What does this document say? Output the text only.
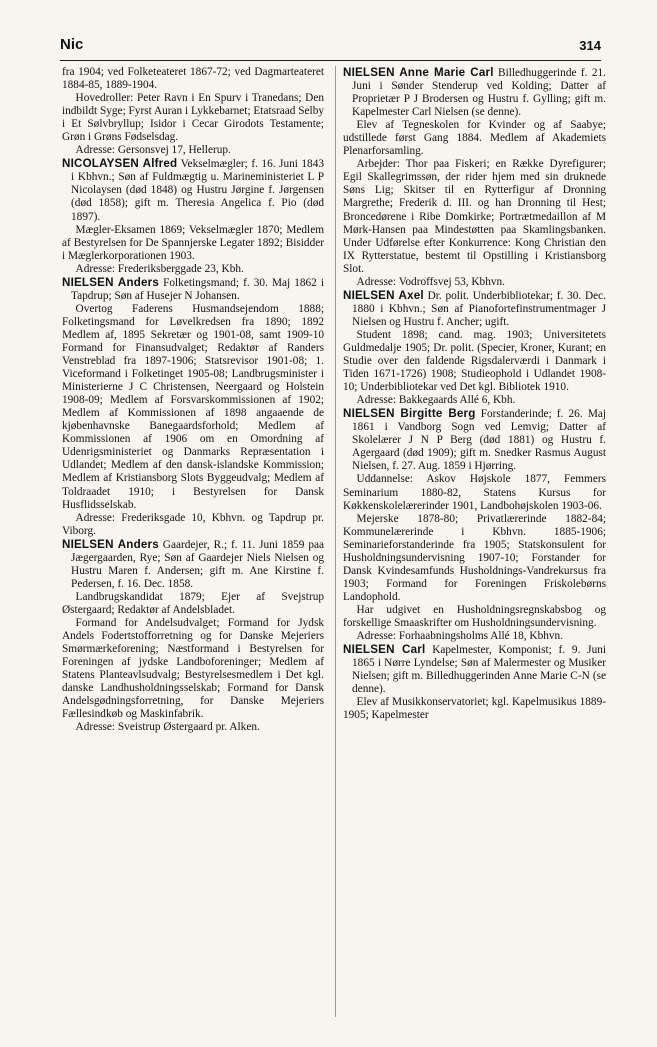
Nic	314

fra 1904; ved Folketeateret 1867-72; ved Dagmarteateret 1884-85, 1889-1904.

Hovedroller: Peter Ravn i En Spurv i Tranedans; Den indbildt Syge; Fyrst Auran i Lykkebarnet; Etatsraad Selby i Et Sølvbryllup; Isidor i Cecar Girodots Testamente; Grøn i Grøns Fødselsdag.

Adresse: Gersonsvej 17, Hellerup.

NICOLAYSEN Alfred Vekselmægler; f. 16. Juni 1843 i Kbhvn.; Søn af Fuldmægtig u. Marineministeriet L P Nicolaysen (død 1848) og Hustru Jørgine f. Jørgensen (død 1858); gift m. Theresia Angelica f. Pio (død 1897).

Mægler-Eksamen 1869; Vekselmægler 1870; Medlem af Bestyrelsen for De Spannjerske Legater 1892; Bisidder i Mæglerkorporationen 1903.

Adresse: Frederiksberggade 23, Kbh.

NIELSEN Anders Folketingsmand; f. 30. Maj 1862 i Tapdrup; Søn af Husejer N Johansen.

Overtog Faderens Husmandsejendom 1888; Folketingsmand for Løvelkredsen fra 1890; 1892 Medlem af, 1895 Sekretær og 1901-08, samt 1909-10 Formand for Finansudvalget; Redaktør af Randers Venstreblad fra 1897-1906; Statsrevisor 1901-08; 1. Viceformand i Folketinget 1905-08; Landbrugsminister i Ministerierne J C Christensen, Neergaard og Holstein 1908-09; Medlem af Forsvarskommissionen af 1902; Medlem af Kommissionen af 1898 angaaende de kjøbenhavnske Banegaardsforhold; Medlem af Kommissionen af 1906 om en Omordning af Udenrigsministeriet og Danmarks Repræsentation i Udlandet; Medlem af den dansk-islandske Kommission; Medlem af Kristiansborg Slots Byggeudvalg; Medlem af Toldraadet 1910; i Bestyrelsen for Dansk Husflidsselskab.

Adresse: Frederiksgade 10, Kbhvn. og Tapdrup pr. Viborg.

NIELSEN Anders Gaardejer, R.; f. 11. Juni 1859 paa Jægergaarden, Rye; Søn af Gaardejer Niels Nielsen og Hustru Maren f. Andersen; gift m. Ane Kirstine f. Pedersen, f. 16. Dec. 1858.

Landbrugskandidat 1879; Ejer af Svejstrup Østergaard; Redaktør af Andelsbladet.

Formand for Andelsudvalget; Formand for Jydsk Andels Fodertstofforretning og for Danske Mejeriers Smørmærkeforening; Næstformand i Bestyrelsen for Foreningen af jydske Landboforeninger; Medlem af Statens Planteavlsudvalg; Bestyrelsesmedlem i Det kgl. danske Landhusholdningsselskab; Formand for Dansk Andelsgødningsforretning, for Danske Mejeriers Fællesindkøb og Maskinfabrik.

Adresse: Sveistrup Østergaard pr. Alken.

NIELSEN Anne Marie Carl Billedhuggerinde f. 21. Juni i Sønder Stenderup ved Kolding; Datter af Proprietær P J Brodersen og Hustru f. Gylling; gift m. Kapelmester Carl Nielsen (se denne).

Elev af Tegneskolen for Kvinder og af Saabye; udstillede først Gang 1884. Medlem af Akademiets Plenarforsamling.

Arbejder: Thor paa Fiskeri; en Række Dyrefigurer; Egil Skallegrimssøn, der rider hjem med sin druknede Søns Lig; Skitser til en Rytterfigur af Dronning Margrethe; Frederik d. III. og han Dronning til Hest; Broncedørene i Ribe Domkirke; Portrætmedaillon af M Mørk-Hansen paa Mindestøtten paa Skamlingsbanken. Under Udførelse efter Konkurrence: Kong Christian den IX Rytterstatue, bestemt til Opstilling i Kristiansborg Slot.

Adresse: Vodroffsvej 53, Kbhvn.

NIELSEN Axel Dr. polit. Underbibliotekar; f. 30. Dec. 1880 i Kbhvn.; Søn af Pianofortefinstrumentmager J Nielsen og Hustru f. Ancher; ugift.

Student 1898; cand. mag. 1903; Universitetets Guldmedalje 1905; Dr. polit. (Specier, Kroner, Kurant; en Studie over den faldende Rigsdalerværdi i Danmark i Tiden 1671-1726) 1908; Studieophold i Udlandet 1908-10; Underbibliotekar ved Det kgl. Bibliotek 1910.

Adresse: Bakkegaards Allé 6, Kbh.

NIELSEN Birgitte Berg Forstanderinde; f. 26. Maj 1861 i Vandborg Sogn ved Lemvig; Datter af Skolelærer J N P Berg (død 1881) og Hustru f. Agergaard (død 1909); gift m. Snedker Rasmus August Nielsen, f. 27. Aug. 1859 i Hjørring.

Uddannelse: Askov Højskole 1877, Femmers Seminarium 1880-82, Statens Kursus for Køkkenskolelærerinder 1901, Landbohøjskolen 1903-06.

Mejerske 1878-80; Privatlærerinde 1882-84; Kommunelærerinde i Kbhvn. 1885-1906; Seminarieforstanderinde fra 1905; Statskonsulent for Husholdningsundervisning 1907-10; Forstander for Dansk Kvindesamfunds Husholdnings-Vandrekursus fra 1903; Formand for Foreningen Friskolebørns Landophold.

Har udgivet en Husholdningsregnskabsbog og forskellige Smaaskrifter om Husholdningsundervisning.

Adresse: Forhaabningsholms Allé 18, Kbhvn.

NIELSEN Carl Kapelmester, Komponist; f. 9. Juni 1865 i Nørre Lyndelse; Søn af Malermester og Musiker Nielsen; gift m. Billedhuggerinden Anne Marie C-N (se denne).

Elev af Musikkonservatoriet; kgl. Kapelmusikus 1889-1905; Kapelmester
